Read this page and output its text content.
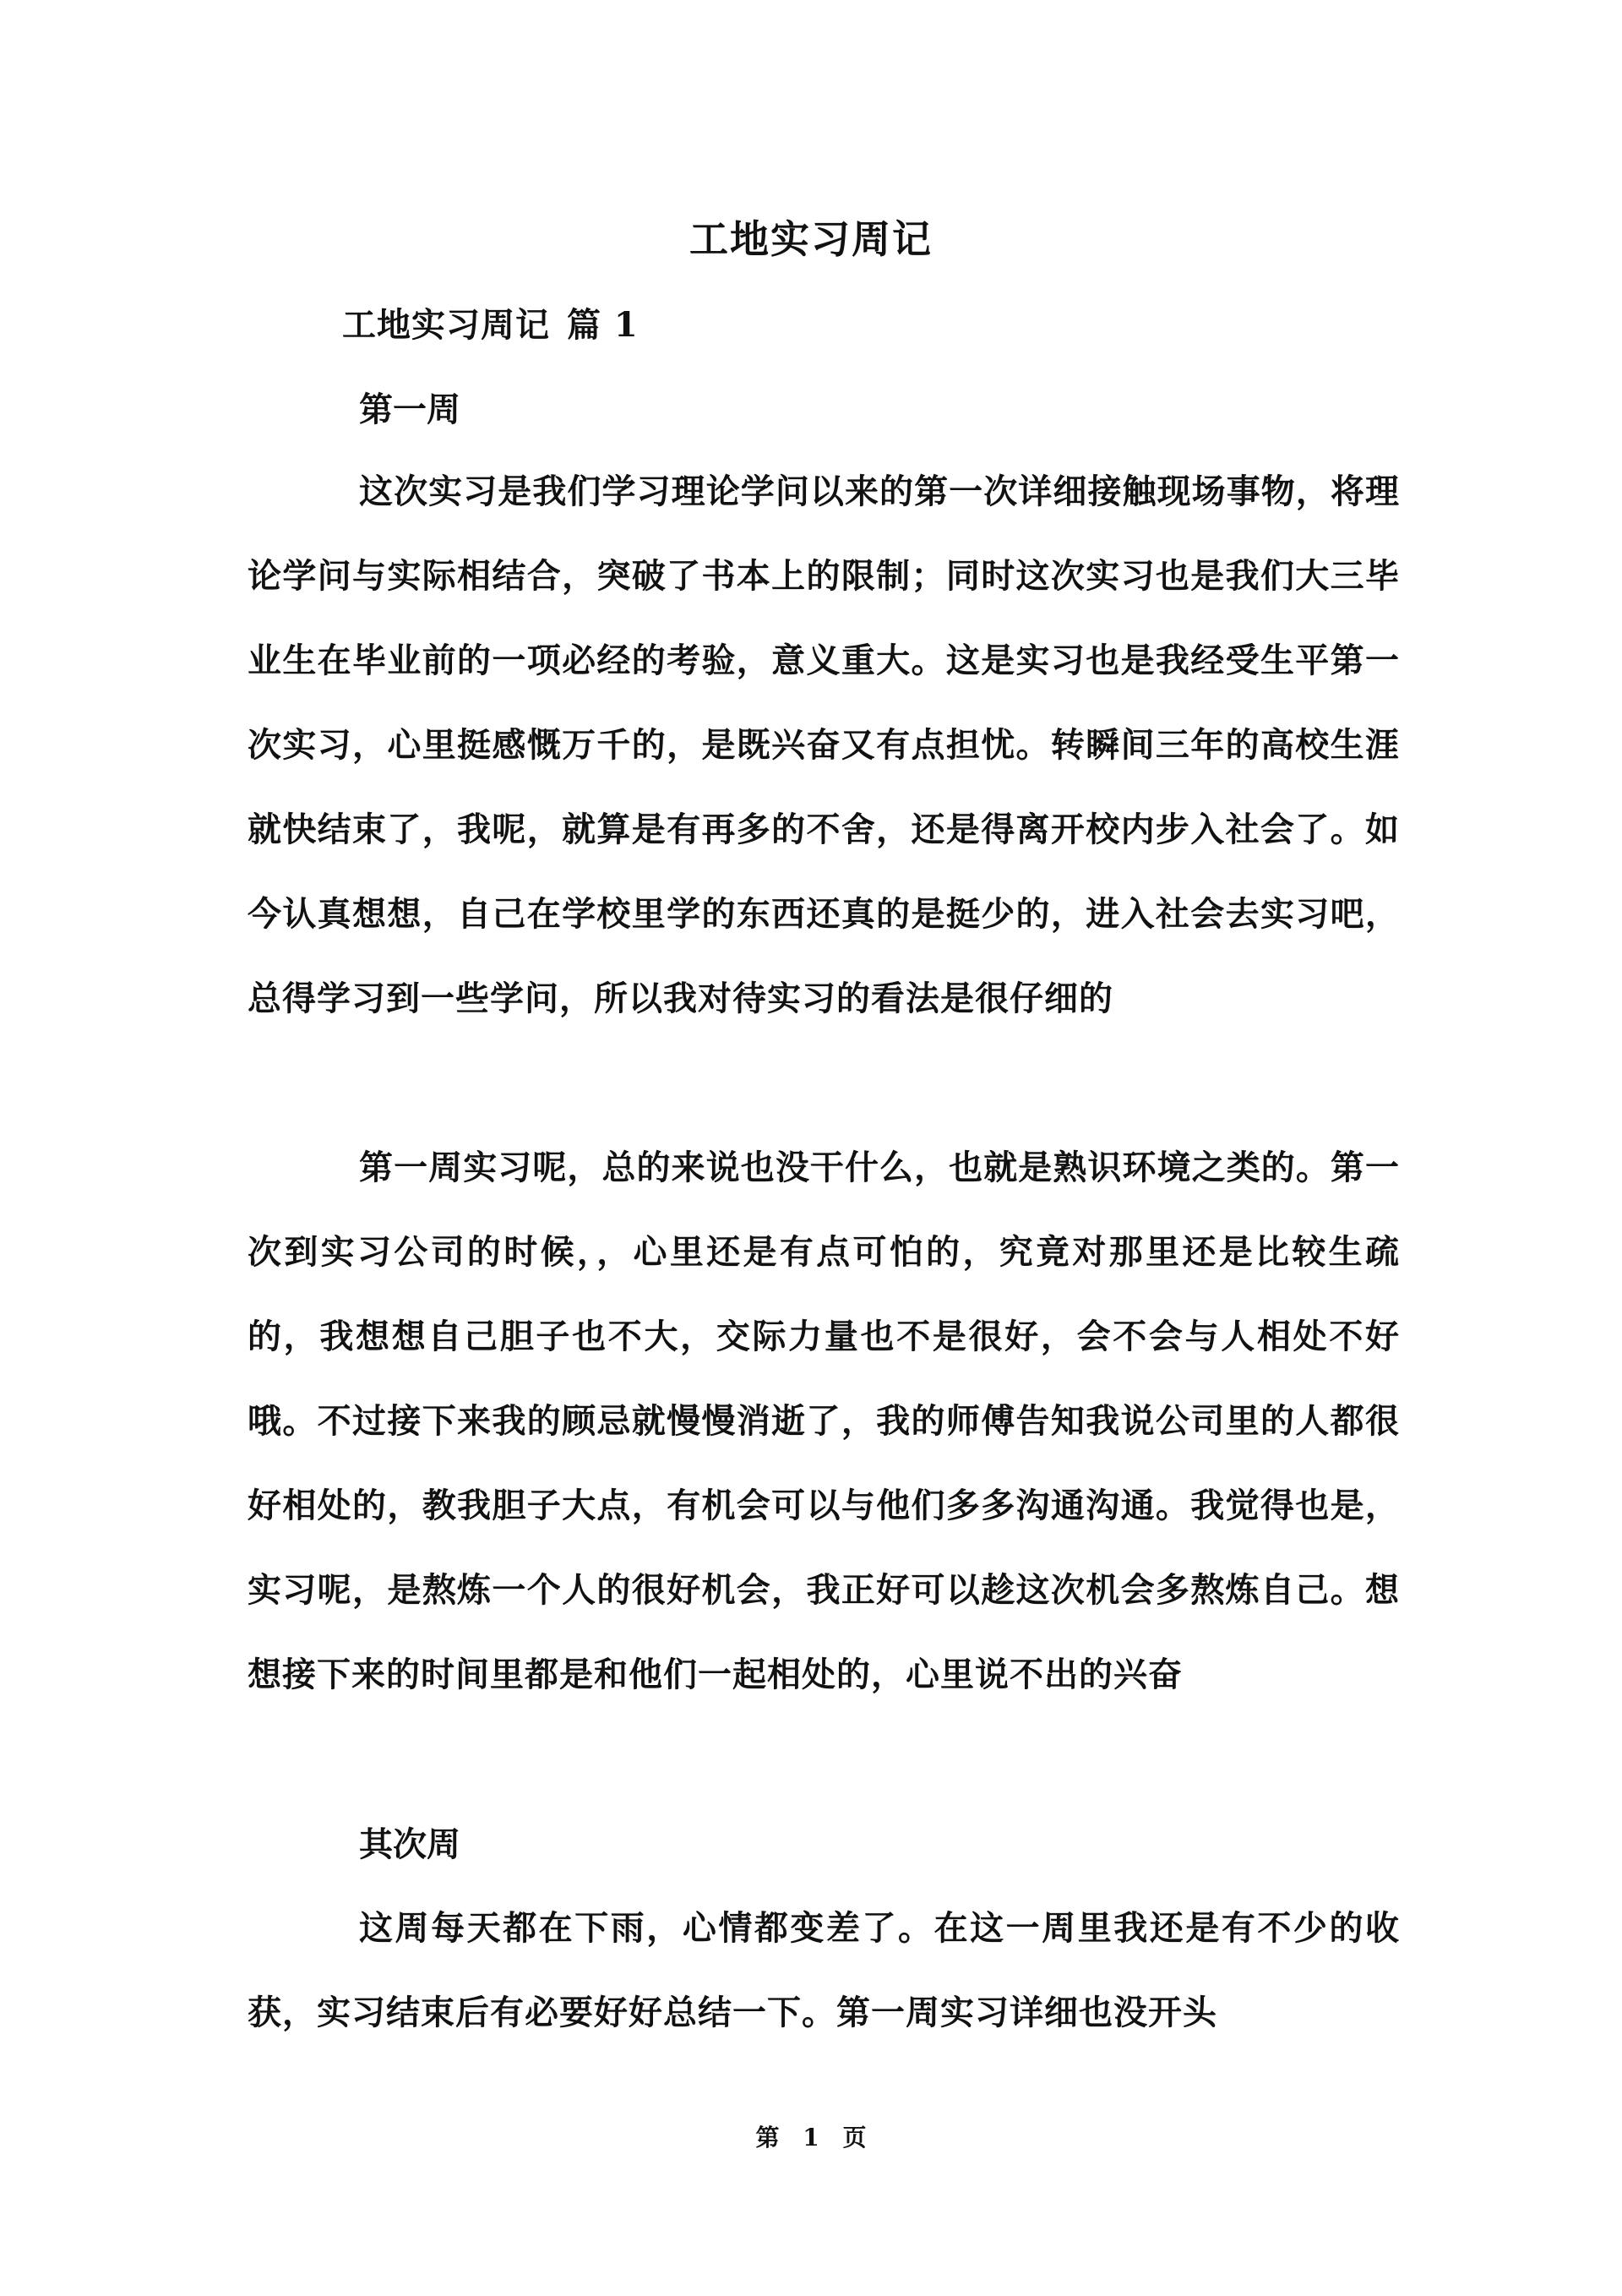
工地实习周记
工地实习周记 篇 1
第一周

这次实习是我们学习理论学问以来的第一次详细接触现场事物，将理论学问与实际相结合，突破了书本上的限制；同时这次实习也是我们大三毕业生在毕业前的一项必经的考验，意义重大。这是实习也是我经受生平第一次实习，心里挺感慨万千的，是既兴奋又有点担忧。转瞬间三年的高校生涯就快结束了，我呢，就算是有再多的不舍，还是得离开校内步入社会了。如今认真想想，自己在学校里学的东西还真的是挺少的，进入社会去实习吧，总得学习到一些学问，所以我对待实习的看法是很仔细的

第一周实习呢，总的来说也没干什么，也就是熟识环境之类的。第一次到实习公司的时候，，心里还是有点可怕的，究竟对那里还是比较生疏的，我想想自己胆子也不大，交际力量也不是很好，会不会与人相处不好哦。不过接下来我的顾忌就慢慢消逝了，我的师傅告知我说公司里的人都很好相处的，教我胆子大点，有机会可以与他们多多沟通沟通。我觉得也是，实习呢，是熬炼一个人的很好机会，我正好可以趁这次机会多熬炼自己。想想接下来的时间里都是和他们一起相处的，心里说不出的兴奋

其次周

这周每天都在下雨，心情都变差了。在这一周里我还是有不少的收获，实习结束后有必要好好总结一下。第一周实习详细也没开头

第 1 页
